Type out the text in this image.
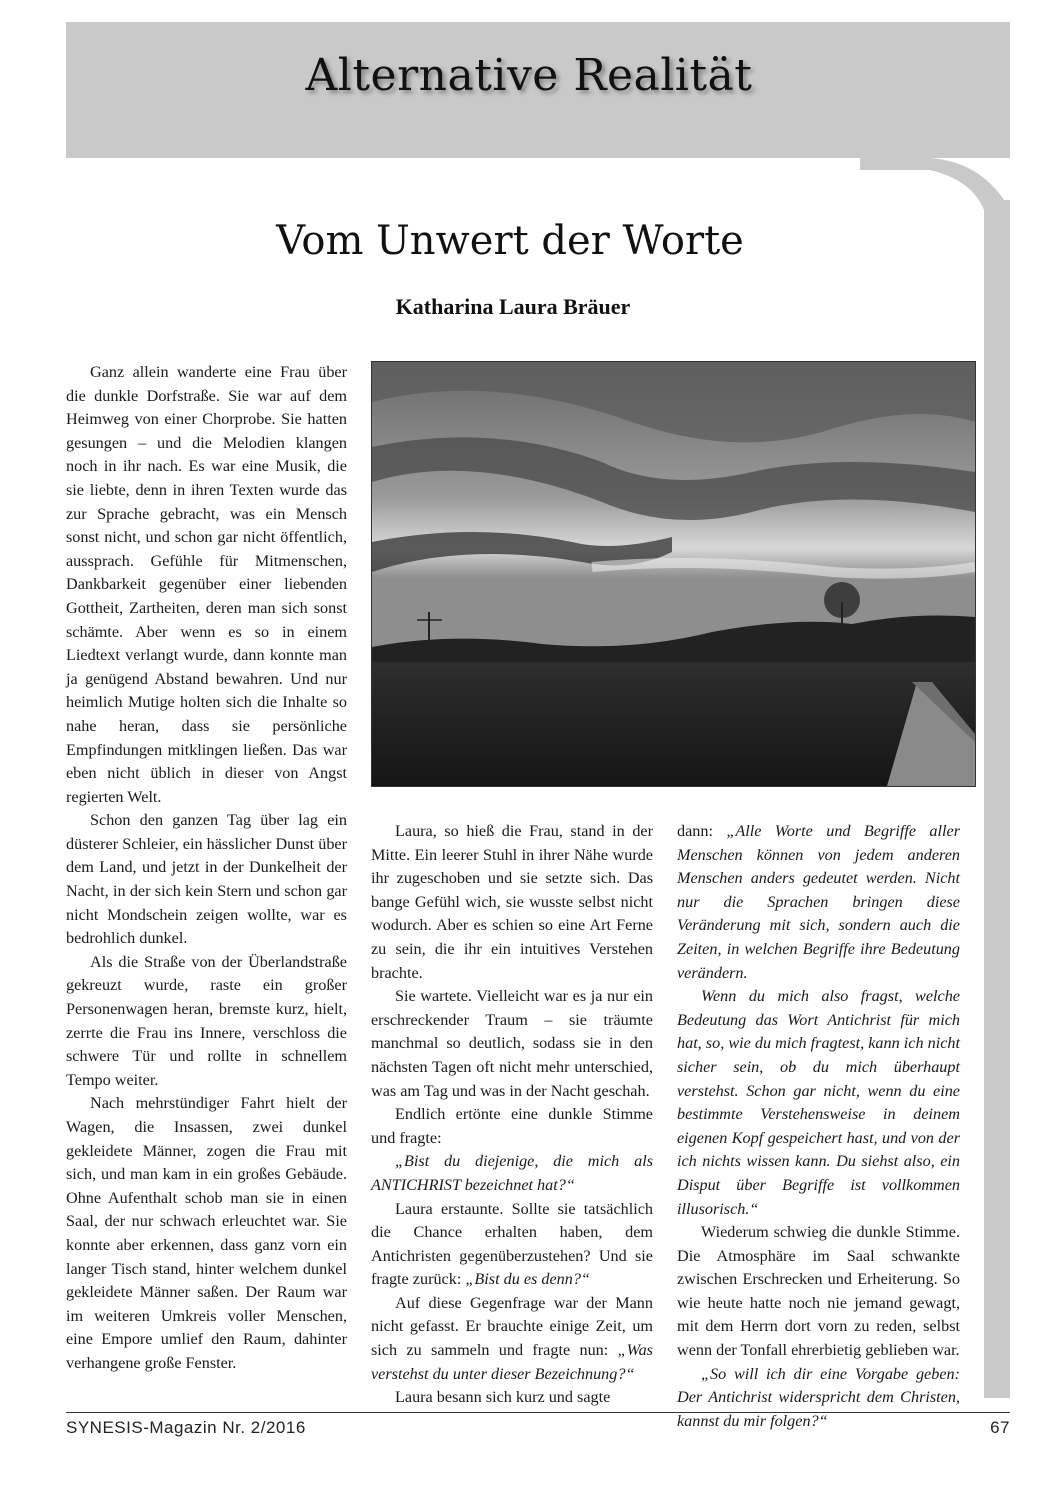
Alternative Realität
Vom Unwert der Worte
Katharina Laura Bräuer

Ganz allein wanderte eine Frau über die dunkle Dorfstraße. Sie war auf dem Heimweg von einer Chorprobe. Sie hatten gesungen – und die Melodien klangen noch in ihr nach. Es war eine Musik, die sie liebte, denn in ihren Texten wurde das zur Sprache gebracht, was ein Mensch sonst nicht, und schon gar nicht öffentlich, aussprach. Gefühle für Mitmenschen, Dankbarkeit gegenüber einer liebenden Gottheit, Zartheiten, deren man sich sonst schämte. Aber wenn es so in einem Liedtext verlangt wurde, dann konnte man ja genügend Abstand bewahren. Und nur heimlich Mutige holten sich die Inhalte so nahe heran, dass sie persönliche Empfindungen mitklingen ließen. Das war eben nicht üblich in dieser von Angst regierten Welt.

Schon den ganzen Tag über lag ein düsterer Schleier, ein hässlicher Dunst über dem Land, und jetzt in der Dunkelheit der Nacht, in der sich kein Stern und schon gar nicht Mondschein zeigen wollte, war es bedrohlich dunkel.

Als die Straße von der Überlandstraße gekreuzt wurde, raste ein großer Personenwagen heran, bremste kurz, hielt, zerrte die Frau ins Innere, verschloss die schwere Tür und rollte in schnellem Tempo weiter.

Nach mehrstündiger Fahrt hielt der Wagen, die Insassen, zwei dunkel gekleidete Männer, zogen die Frau mit sich, und man kam in ein großes Gebäude. Ohne Aufenthalt schob man sie in einen Saal, der nur schwach erleuchtet war. Sie konnte aber erkennen, dass ganz vorn ein langer Tisch stand, hinter welchem dunkel gekleidete Männer saßen. Der Raum war im weiteren Umkreis voller Menschen, eine Empore umlief den Raum, dahinter verhangene große Fenster.

Laura, so hieß die Frau, stand in der Mitte. Ein leerer Stuhl in ihrer Nähe wurde ihr zugeschoben und sie setzte sich. Das bange Gefühl wich, sie wusste selbst nicht wodurch. Aber es schien so eine Art Ferne zu sein, die ihr ein intuitives Verstehen brachte.

Sie wartete. Vielleicht war es ja nur ein erschreckender Traum – sie träumte manchmal so deutlich, sodass sie in den nächsten Tagen oft nicht mehr unterschied, was am Tag und was in der Nacht geschah.

Endlich ertönte eine dunkle Stimme und fragte:

„Bist du diejenige, die mich als ANTICHRIST bezeichnet hat?“

Laura erstaunte. Sollte sie tatsächlich die Chance erhalten haben, dem Antichristen gegenüberzustehen? Und sie fragte zurück: „Bist du es denn?“

Auf diese Gegenfrage war der Mann nicht gefasst. Er brauchte einige Zeit, um sich zu sammeln und fragte nun: „Was verstehst du unter dieser Bezeichnung?“

Laura besann sich kurz und sagte

dann: „Alle Worte und Begriffe aller Menschen können von jedem anderen Menschen anders gedeutet werden. Nicht nur die Sprachen bringen diese Veränderung mit sich, sondern auch die Zeiten, in welchen Begriffe ihre Bedeutung verändern.

Wenn du mich also fragst, welche Bedeutung das Wort Antichrist für mich hat, so, wie du mich fragtest, kann ich nicht sicher sein, ob du mich überhaupt verstehst. Schon gar nicht, wenn du eine bestimmte Verstehensweise in deinem eigenen Kopf gespeichert hast, und von der ich nichts wissen kann. Du siehst also, ein Disput über Begriffe ist vollkommen illusorisch.“

Wiederum schwieg die dunkle Stimme. Die Atmosphäre im Saal schwankte zwischen Erschrecken und Erheiterung. So wie heute hatte noch nie jemand gewagt, mit dem Herrn dort vorn zu reden, selbst wenn der Tonfall ehrerbietig geblieben war.

„So will ich dir eine Vorgabe geben: Der Antichrist widerspricht dem Christen, kannst du mir folgen?“

SYNESIS-Magazin Nr. 2/2016	67
